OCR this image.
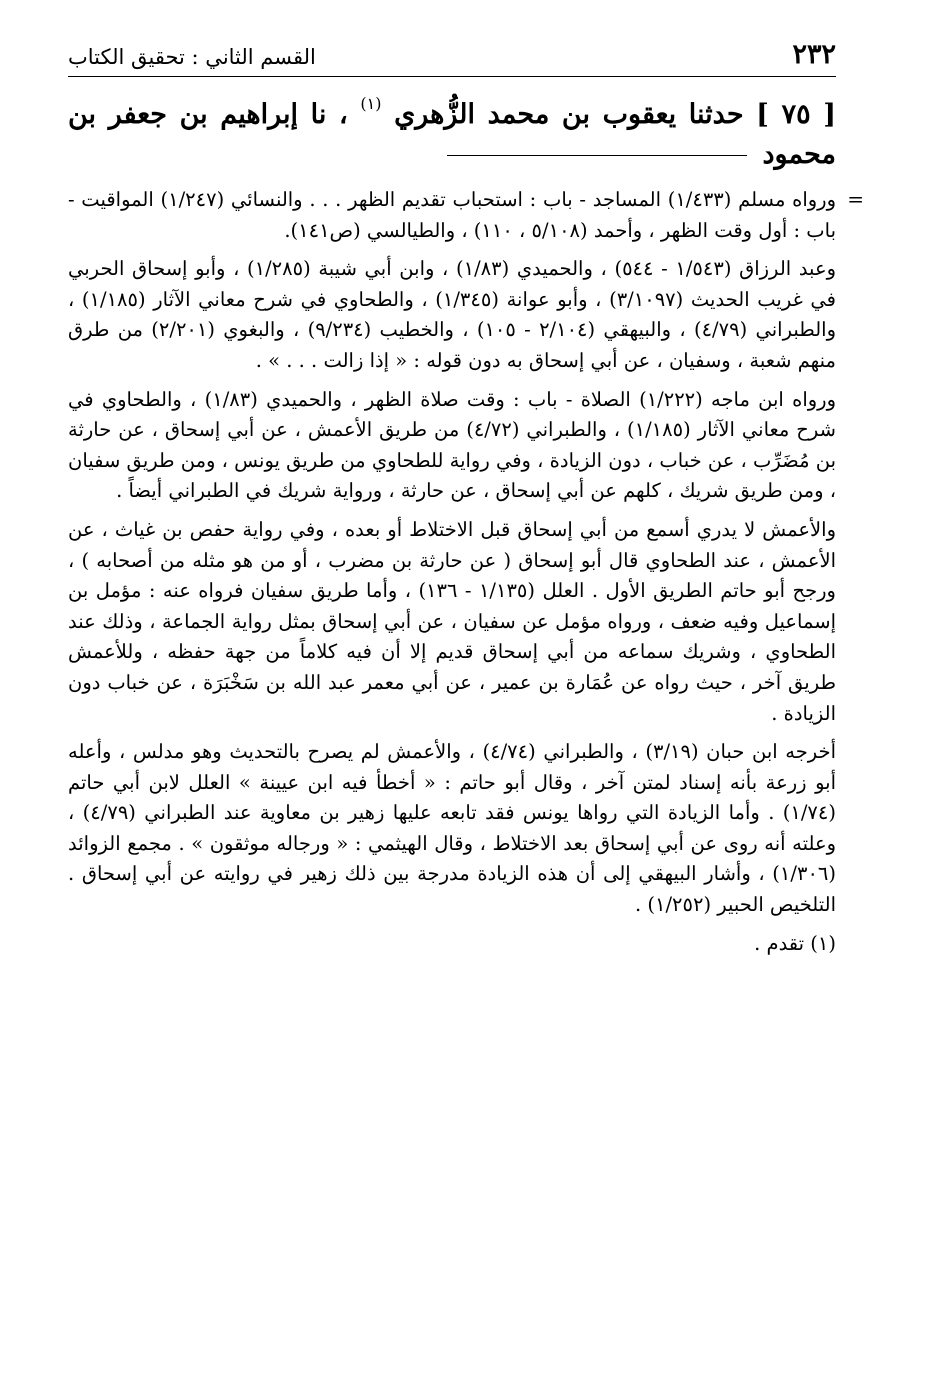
٢٣٢
القسم الثاني : تحقيق الكتاب
[ ٧٥ ] حدثنا يعقوب بن محمد الزُّهري $^{(١)}$ ، نا إبراهيم بن جعفر بن محمود
=

ورواه مسلم (١/٤٣٣) المساجد - باب : استحباب تقديم الظهر . . . والنسائي (١/٢٤٧) المواقيت - باب : أول وقت الظهر ، وأحمد (٥/١٠٨ ، ١١٠) ، والطيالسي (ص١٤١).

وعبد الرزاق (١/٥٤٣ - ٥٤٤) ، والحميدي (١/٨٣) ، وابن أبي شيبة (١/٢٨٥) ، وأبو إسحاق الحربي في غريب الحديث (٣/١٠٩٧) ، وأبو عوانة (١/٣٤٥) ، والطحاوي في شرح معاني الآثار (١/١٨٥) ، والطبراني (٤/٧٩) ، والبيهقي (٢/١٠٤ - ١٠٥) ، والخطيب (٩/٢٣٤) ، والبغوي (٢/٢٠١) من طرق منهم شعبة ، وسفيان ، عن أبي إسحاق به دون قوله : « إذا زالت . . . » .

ورواه ابن ماجه (١/٢٢٢) الصلاة - باب : وقت صلاة الظهر ، والحميدي (١/٨٣) ، والطحاوي في شرح معاني الآثار (١/١٨٥) ، والطبراني (٤/٧٢) من طريق الأعمش ، عن أبي إسحاق ، عن حارثة بن مُضَرِّب ، عن خباب ، دون الزيادة ، وفي رواية للطحاوي من طريق يونس ، ومن طريق سفيان ، ومن طريق شريك ، كلهم عن أبي إسحاق ، عن حارثة ، ورواية شريك في الطبراني أيضاً .

والأعمش لا يدري أسمع من أبي إسحاق قبل الاختلاط أو بعده ، وفي رواية حفص بن غياث ، عن الأعمش ، عند الطحاوي قال أبو إسحاق ( عن حارثة بن مضرب ، أو من هو مثله من أصحابه ) ، ورجح أبو حاتم الطريق الأول . العلل (١/١٣٥ - ١٣٦) ، وأما طريق سفيان فرواه عنه : مؤمل بن إسماعيل وفيه ضعف ، ورواه مؤمل عن سفيان ، عن أبي إسحاق بمثل رواية الجماعة ، وذلك عند الطحاوي ، وشريك سماعه من أبي إسحاق قديم إلا أن فيه كلاماً من جهة حفظه ، وللأعمش طريق آخر ، حيث رواه عن عُمَارة بن عمير ، عن أبي معمر عبد الله بن سَخْبَرَة ، عن خباب دون الزيادة .

أخرجه ابن حبان (٣/١٩) ، والطبراني (٤/٧٤) ، والأعمش لم يصرح بالتحديث وهو مدلس ، وأعله أبو زرعة بأنه إسناد لمتن آخر ، وقال أبو حاتم : « أخطأ فيه ابن عيينة » العلل لابن أبي حاتم (١/٧٤) . وأما الزيادة التي رواها يونس فقد تابعه عليها زهير بن معاوية عند الطبراني (٤/٧٩) ، وعلته أنه روى عن أبي إسحاق بعد الاختلاط ، وقال الهيثمي : « ورجاله موثقون » . مجمع الزوائد (١/٣٠٦) ، وأشار البيهقي إلى أن هذه الزيادة مدرجة بين ذلك زهير في روايته عن أبي إسحاق . التلخيص الحبير (١/٢٥٢) .

(١) تقدم .
